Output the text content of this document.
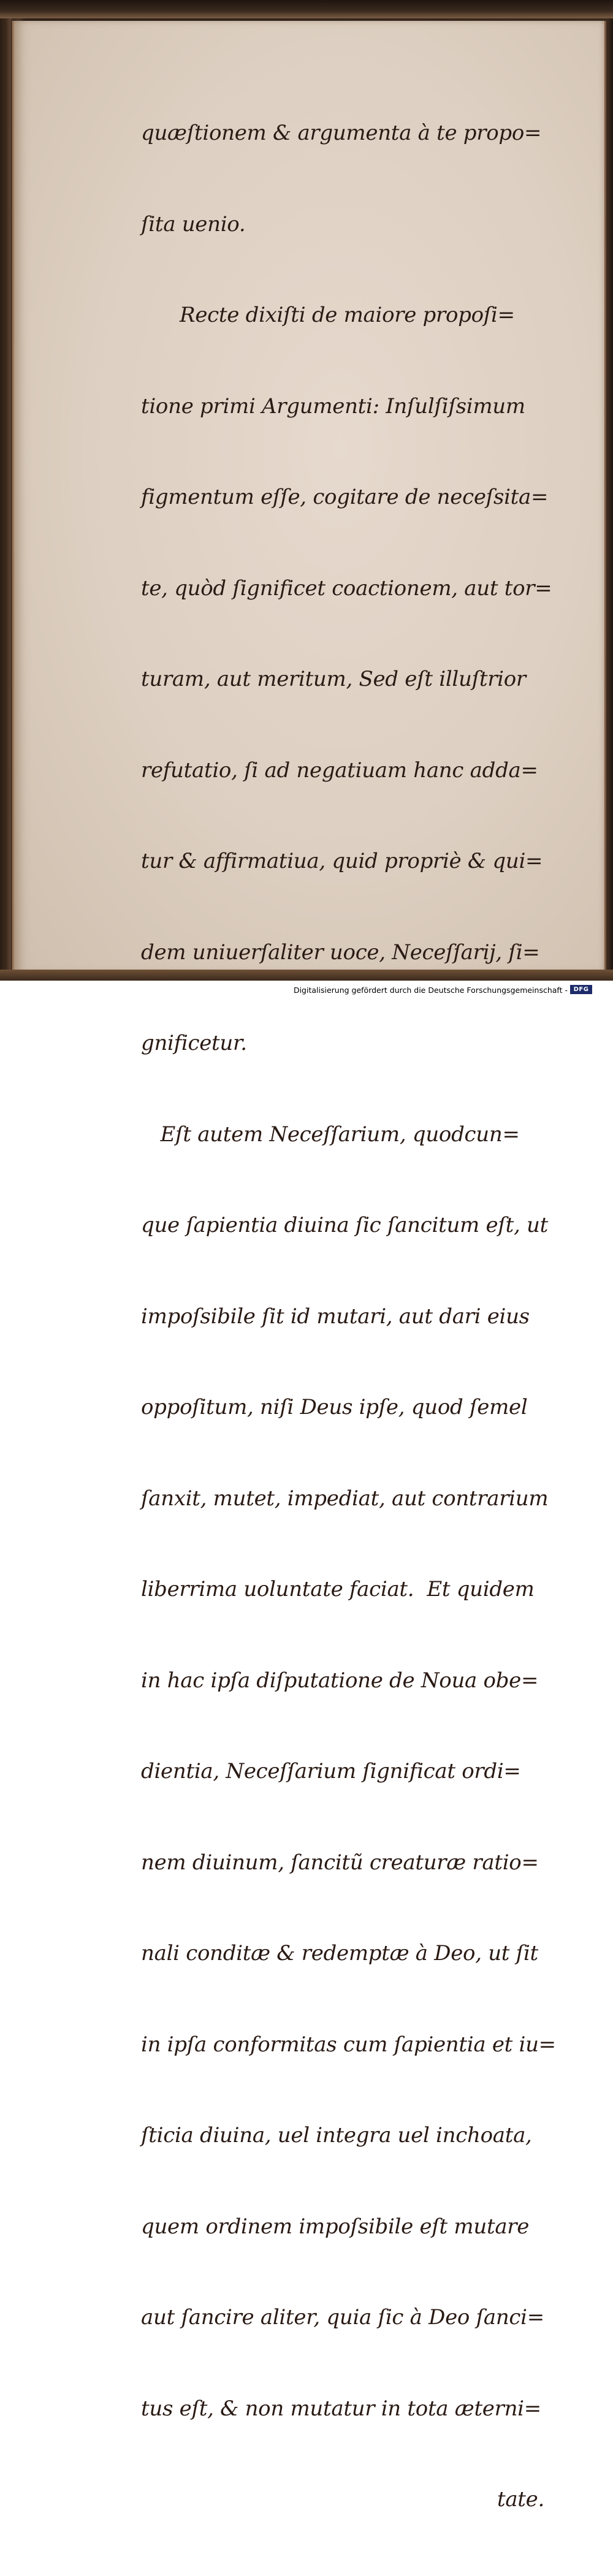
quæſtionem & argumenta à te propo=

ſita uenio.

Recte dixiſti de maiore propoſi=

tione primi Argumenti: Inſulſiſsimum

figmentum eſſe, cogitare de neceſsita=

te, quòd ſignificet coactionem, aut tor=

turam, aut meritum, Sed eſt illuſtrior

refutatio, ſi ad negatiuam hanc adda=

tur & affirmatiua, quid propriè & qui=

dem uniuerſaliter uoce, Neceſſarij, ſi=

gnificetur.

Eſt autem Neceſſarium, quodcun=

que ſapientia diuina ſic ſancitum eſt, ut

impoſsibile ſit id mutari, aut dari eius

oppoſitum, niſi Deus ipſe, quod ſemel

ſanxit, mutet, impediat, aut contrarium

liberrima uoluntate faciat.  Et quidem

in hac ipſa diſputatione de Noua obe=

dientia, Neceſſarium ſignificat ordi=

nem diuinum, ſancitũ creaturæ ratio=

nali conditæ & redemptæ à Deo, ut ſit

in ipſa conformitas cum ſapientia et iu=

ſticia diuina, uel integra uel inchoata,

quem ordinem impoſsibile eſt mutare

aut ſancire aliter, quia ſic à Deo ſanci=

tus eſt, & non mutatur in tota æterni=

tate.

Digitalisierung gefördert durch die Deutsche Forschungsgemeinschaft - DFG
